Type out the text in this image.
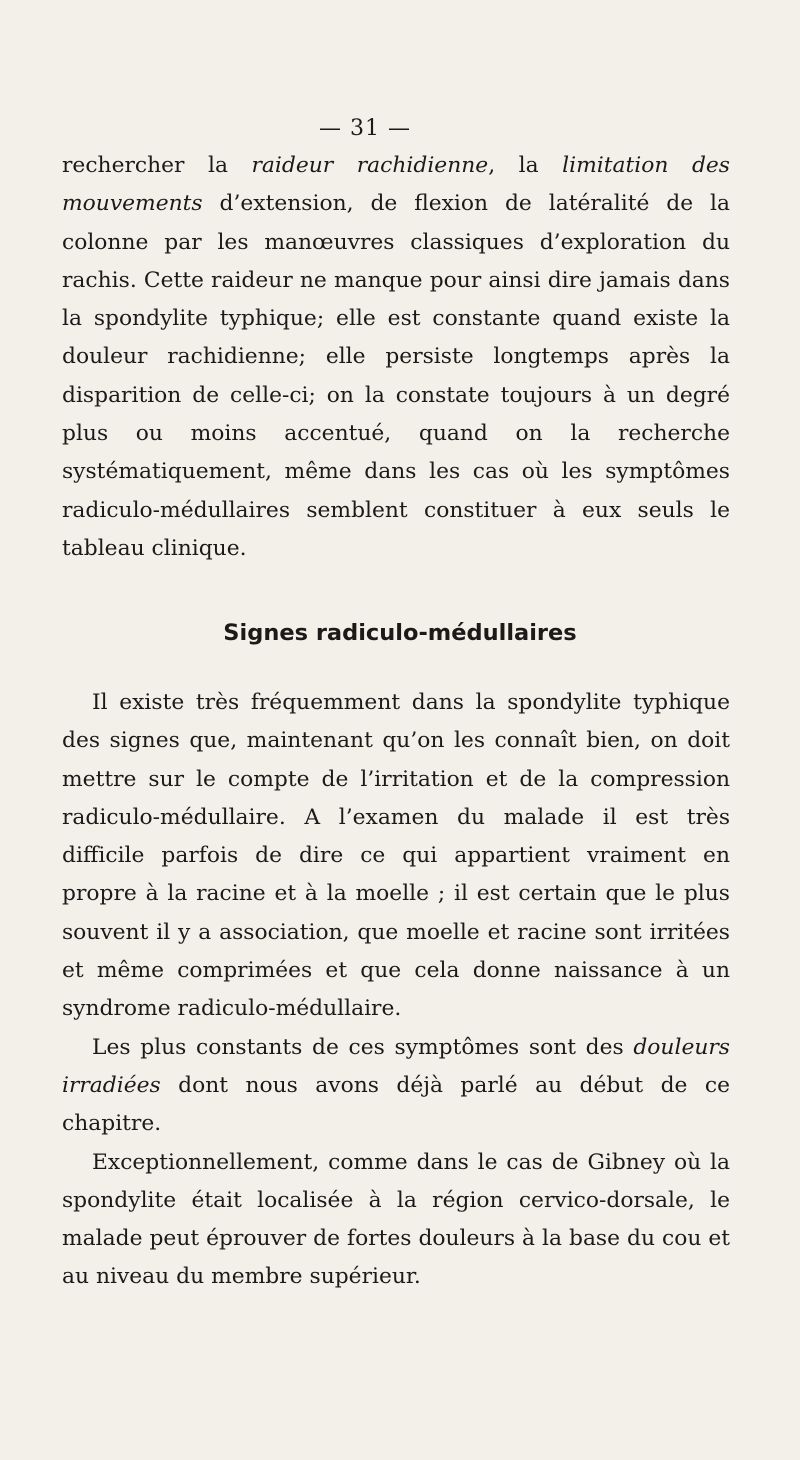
— 31 —

rechercher la raideur rachidienne, la limitation des mouvements d’extension, de flexion de latéralité de la colonne par les manœuvres classiques d’exploration du rachis. Cette raideur ne manque pour ainsi dire jamais dans la spondylite typhique; elle est constante quand existe la douleur rachidienne; elle persiste longtemps après la disparition de celle-ci; on la constate toujours à un degré plus ou moins accentué, quand on la recherche systématiquement, même dans les cas où les symptômes radiculo-médullaires semblent constituer à eux seuls le tableau clinique.

Signes radiculo-médullaires

Il existe très fréquemment dans la spondylite typhique des signes que, maintenant qu’on les connaît bien, on doit mettre sur le compte de l’irritation et de la compression radiculo-médullaire. A l’examen du malade il est très difficile parfois de dire ce qui appartient vraiment en propre à la racine et à la moelle ; il est certain que le plus souvent il y a association, que moelle et racine sont irritées et même comprimées et que cela donne naissance à un syndrome radiculo-médullaire.

Les plus constants de ces symptômes sont des douleurs irradiées dont nous avons déjà parlé au début de ce chapitre.

Exceptionnellement, comme dans le cas de Gibney où la spondylite était localisée à la région cervico-dorsale, le malade peut éprouver de fortes douleurs à la base du cou et au niveau du membre supérieur.
